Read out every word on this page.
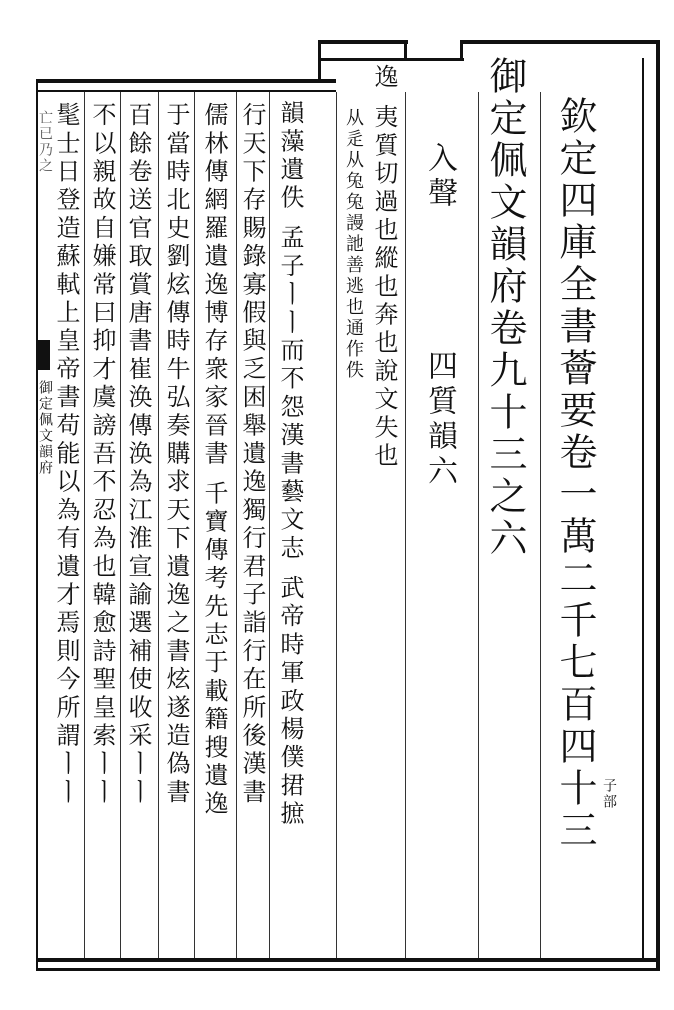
欽定四庫全書薈要卷一萬二千七百四十三 子部
御定佩文韻府卷九十三之六
入聲
四質韻六
逸 夷質切過也縱也奔也說文失也
从辵从兔兔謾訑善逃也通作佚
韻藻遺佚 孟子ㅣㅣ而不怨漢書藝文志 武帝時軍政楊僕捃摭
行天下存賜錄寡假與乏困舉遺逸獨行君子詣行在所後漢書
儒林傳網羅遺逸博存衆家晉書 千寶傳考先志于載籍搜遺逸
于當時北史劉炫傳時牛弘奏購求天下遺逸之書炫遂造偽書
百餘卷送官取賞唐書崔涣傳涣為江淮宣諭選補使收采ㅣㅣ
不以親故自嫌常曰抑才虞謗吾不忍為也韓愈詩聖皇索ㅣㅣ
髦士日登造蘇軾上皇帝書苟能以為有遺才焉則今所謂ㅣㅣ
亡已乃之
御定佩文韻府
